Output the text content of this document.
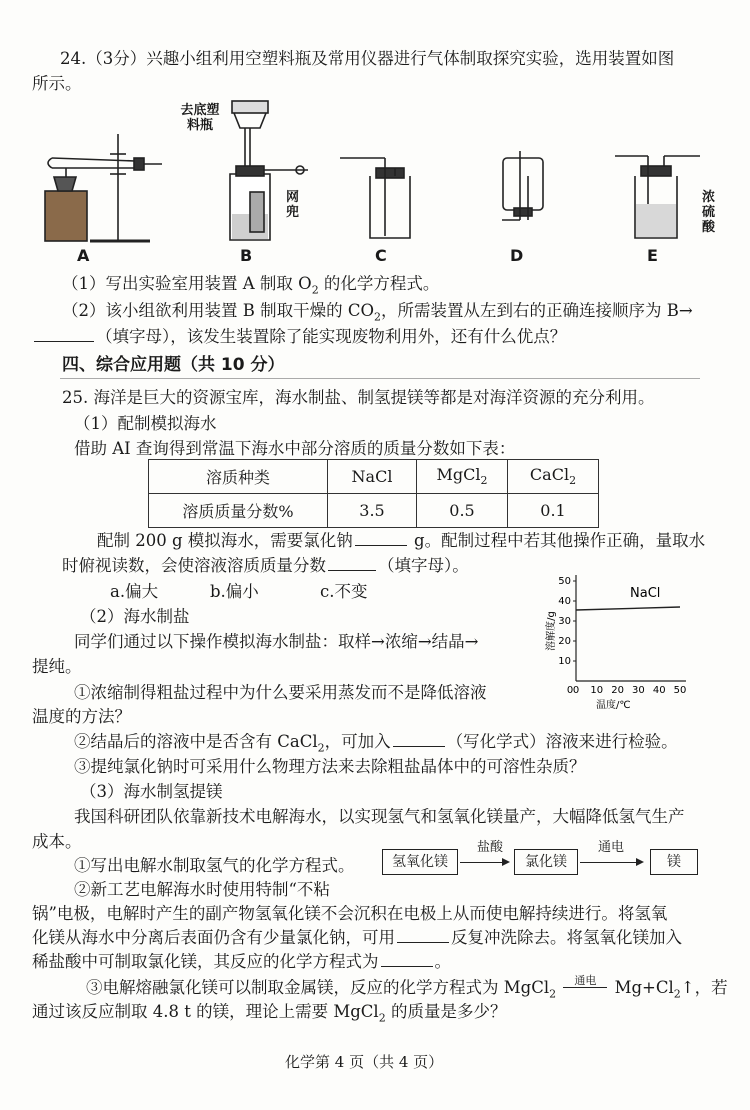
24.（3分）兴趣小组利用空塑料瓶及常用仪器进行气体制取探究实验，选用装置如图
所示。
去底塑料瓶
网兜
浓硫酸
A	B	C	D	E
（1）写出实验室用装置 A 制取 $O_2$ 的化学方程式。
（2）该小组欲利用装置 B 制取干燥的 $CO_2$，所需装置从左到右的正确连接顺序为 B→
（填字母），该发生装置除了能实现废物利用外，还有什么优点？
四、综合应用题（共 10 分）
25. 海洋是巨大的资源宝库，海水制盐、制氢提镁等都是对海洋资源的充分利用。
（1）配制模拟海水
借助 AI 查询得到常温下海水中部分溶质的质量分数如下表：
溶质种类	NaCl	MgCl$_2$	CaCl$_2$
溶质质量分数%	3.5	0.5	0.1
配制 200 g 模拟海水，需要氯化钠	g。配制过程中若其他操作正确，量取水
时俯视读数，会使溶液溶质质量分数	（填字母）。
a.偏大	b.偏小	c.不变
（2）海水制盐
同学们通过以下操作模拟海水制盐：取样→浓缩→结晶→
提纯。
①浓缩制得粗盐过程中为什么要采用蒸发而不是降低溶液
温度的方法？
②结晶后的溶液中是否含有 CaCl$_2$，可加入	（写化学式）溶液来进行检验。
③提纯氯化钠时可采用什么物理方法来去除粗盐晶体中的可溶性杂质？
0 10 20 30 40 50
10
20
30
40
50
0
温度/℃
溶解度/g
NaCl
（3）海水制氢提镁
我国科研团队依靠新技术电解海水，以实现氢气和氢氧化镁量产，大幅降低氢气生产
成本。
①写出电解水制取氢气的化学方程式。
②新工艺电解海水时使用特制“不粘
氢氧化镁
盐酸
氯化镁
通电
镁
锅”电极，电解时产生的副产物氢氧化镁不会沉积在电极上从而使电解持续进行。将氢氧
化镁从海水中分离后表面仍含有少量氯化钠，可用	反复冲洗除去。将氢氧化镁加入
稀盐酸中可制取氯化镁，其反应的化学方程式为	。
③电解熔融氯化镁可以制取金属镁，反应的化学方程式为 MgCl$_2$
通电 $Mg+Cl_2↑$，若
通过该反应制取 4.8 t 的镁，理论上需要 MgCl$_2$ 的质量是多少？
化学第 4 页（共 4 页）
